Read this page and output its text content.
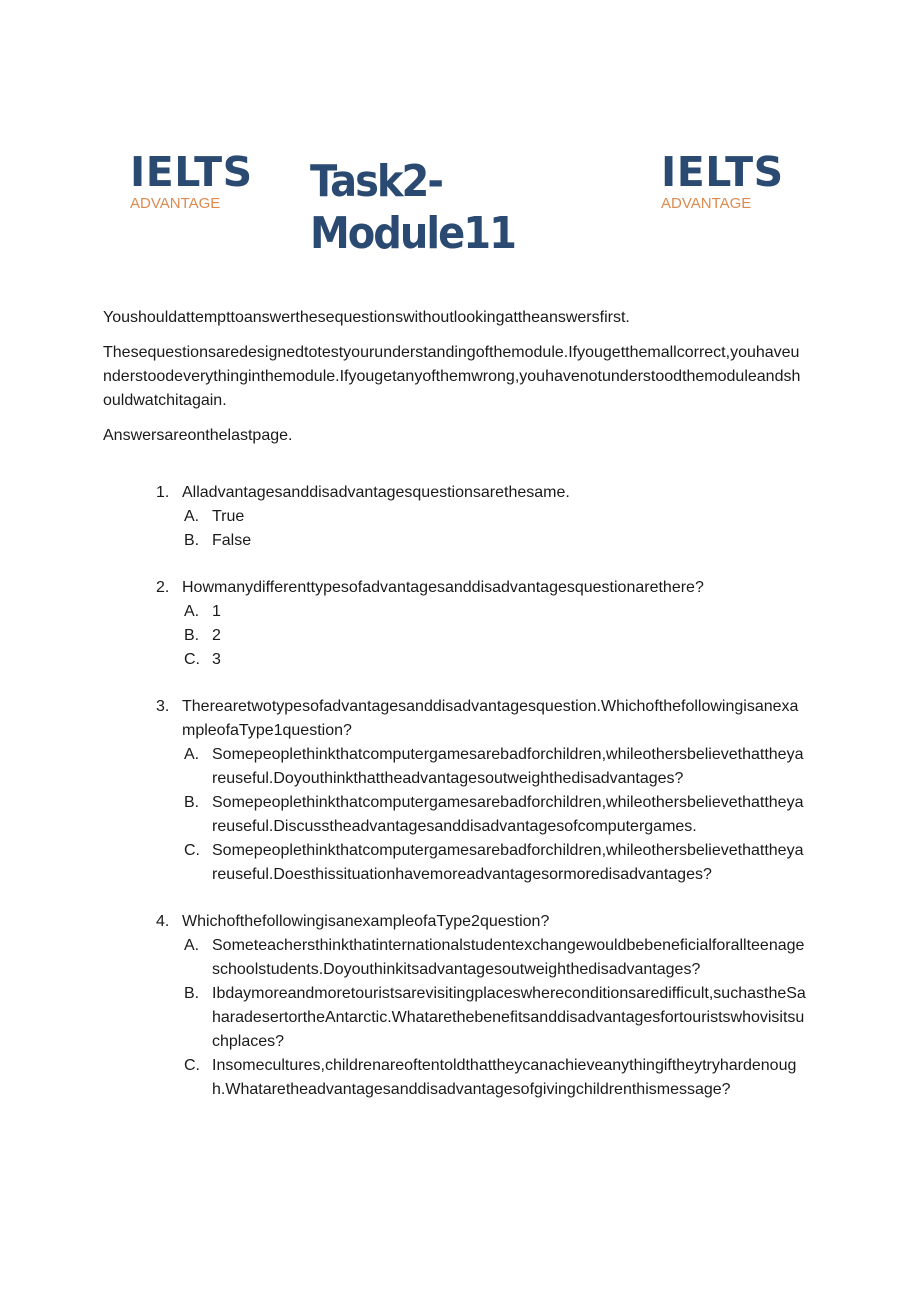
IELTS
ADVANTAGE	Task2-Module11
IELTS
ADVANTAGE

Youshouldattempttoanswerthesequestionswithoutlookingattheanswersfirst.

Thesequestionsaredesignedtotestyourunderstandingofthemodule.Ifyougetthemallcorrect,youhaveunderstoodeverythinginthemodule.Ifyougetanyofthemwrong,youhavenotunderstoodthemoduleandshouldwatchitagain.

Answersareonthelastpage.

1. Alladvantagesanddisadvantagesquestionsarethesame.
A. True
B. False
2. Howmanydifferenttypesofadvantagesanddisadvantagesquestionarethere?
A. 1
B. 2
C. 3
3. Therearetwotypesofadvantagesanddisadvantagesquestion.WhichofthefollowingisanexampleofaType1question?
A. Somepeoplethinkthatcomputergamesarebadforchildren,whileothersbelievethattheyareuseful.Doyouthinkthattheadvantagesoutweighthedisadvantages?
B. Somepeoplethinkthatcomputergamesarebadforchildren,whileothersbelievethattheyareuseful.Discusstheadvantagesanddisadvantagesofcomputergames.
C. Somepeoplethinkthatcomputergamesarebadforchildren,whileothersbelievethattheyareuseful.Doesthissituationhavemoreadvantagesormoredisadvantages?
4. WhichofthefollowingisanexampleofaType2question?
A. Someteachersthinkthatinternationalstudentexchangewouldbebeneficialforallteenageschoolstudents.Doyouthinkitsadvantagesoutweighthedisadvantages?
B. Ibdaymoreandmoretouristsarevisitingplaceswhereconditionsaredifficult,suchastheSaharadesertortheAntarctic.Whatarethebenefitsanddisadvantagesfortouristswhovisitsuchplaces?
C. Insomecultures,childrenareoftentoldthattheycanachieveanythingiftheytryhardenough.Whataretheadvantagesanddisadvantagesofgivingchildrenthismessage?
